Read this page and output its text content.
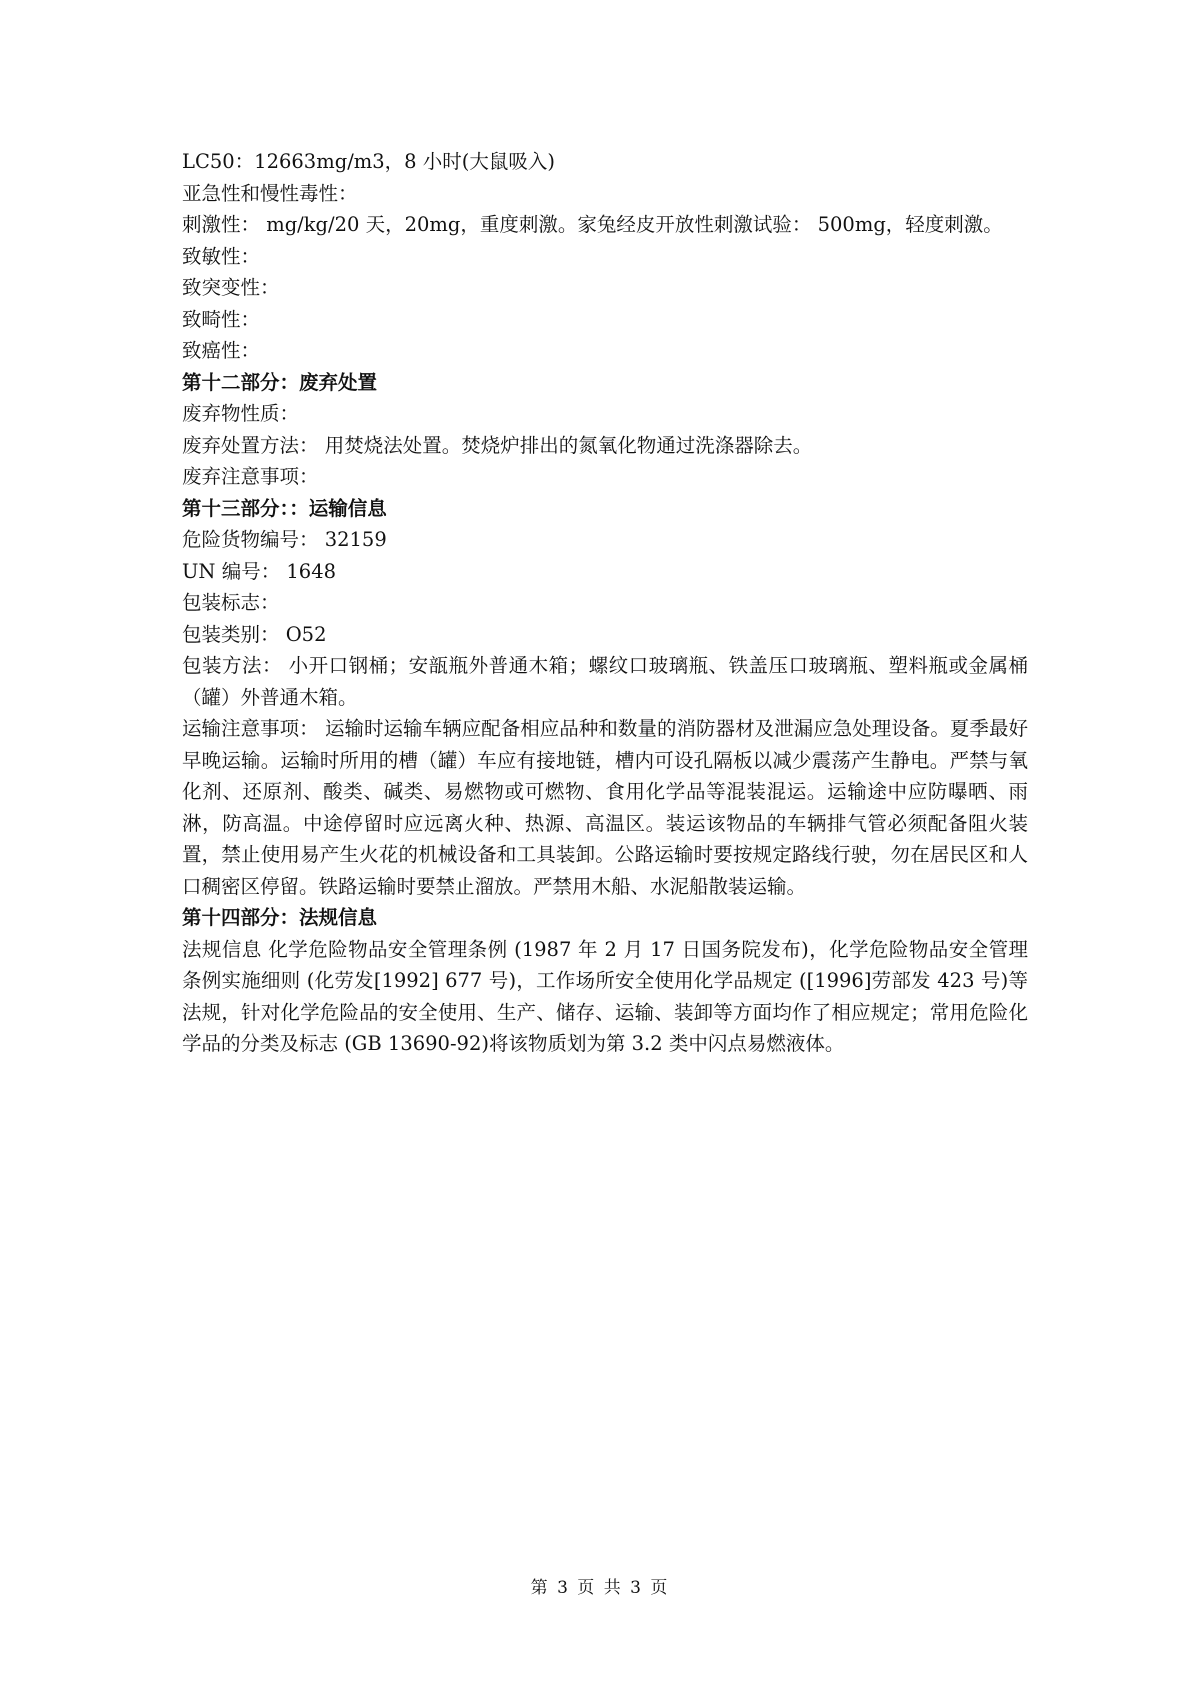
LC50：12663mg/m3，8 小时(大鼠吸入)
亚急性和慢性毒性：
刺激性： mg/kg/20 天，20mg，重度刺激。家兔经皮开放性刺激试验： 500mg，轻度刺激。
致敏性：
致突变性：
致畸性：
致癌性：
第十二部分：废弃处置
废弃物性质：
废弃处置方法： 用焚烧法处置。焚烧炉排出的氮氧化物通过洗涤器除去。
废弃注意事项：
第十三部分：：运输信息
危险货物编号： 32159
UN 编号： 1648
包装标志：
包装类别： O52
包装方法： 小开口钢桶；安瓿瓶外普通木箱；螺纹口玻璃瓶、铁盖压口玻璃瓶、塑料瓶或金属桶（罐）外普通木箱。
运输注意事项： 运输时运输车辆应配备相应品种和数量的消防器材及泄漏应急处理设备。夏季最好早晚运输。运输时所用的槽（罐）车应有接地链，槽内可设孔隔板以减少震荡产生静电。严禁与氧化剂、还原剂、酸类、碱类、易燃物或可燃物、食用化学品等混装混运。运输途中应防曝晒、雨淋，防高温。中途停留时应远离火种、热源、高温区。装运该物品的车辆排气管必须配备阻火装置，禁止使用易产生火花的机械设备和工具装卸。公路运输时要按规定路线行驶，勿在居民区和人口稠密区停留。铁路运输时要禁止溜放。严禁用木船、水泥船散装运输。
第十四部分：法规信息
法规信息 化学危险物品安全管理条例 (1987 年 2 月 17 日国务院发布)，化学危险物品安全管理条例实施细则 (化劳发[1992] 677 号)，工作场所安全使用化学品规定 ([1996]劳部发 423 号)等法规，针对化学危险品的安全使用、生产、储存、运输、装卸等方面均作了相应规定；常用危险化学品的分类及标志 (GB 13690-92)将该物质划为第 3.2 类中闪点易燃液体。
第 3 页 共 3 页
